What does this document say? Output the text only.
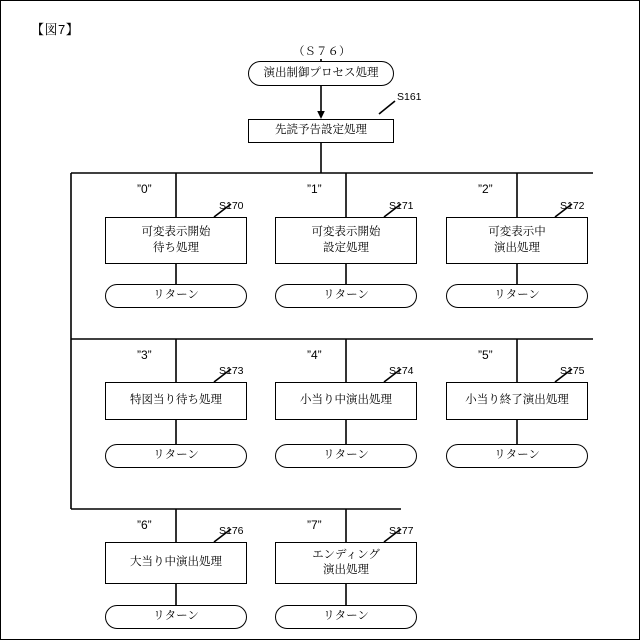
【図7】
（Ｓ７６）
演出制御プロセス処理
S161
先読予告設定処理
”0”
S170
可変表示開始
待ち処理
リターン
”1”
S171
可変表示開始
設定処理
リターン
”2”
S172
可変表示中
演出処理
リターン
”3”
S173
特図当り待ち処理
リターン
”4”
S174
小当り中演出処理
リターン
”5”
S175
小当り終了演出処理
リターン
”6”	S176
大当り中演出処理
リターン
”7”	S177
エンディング
演出処理
リターン
